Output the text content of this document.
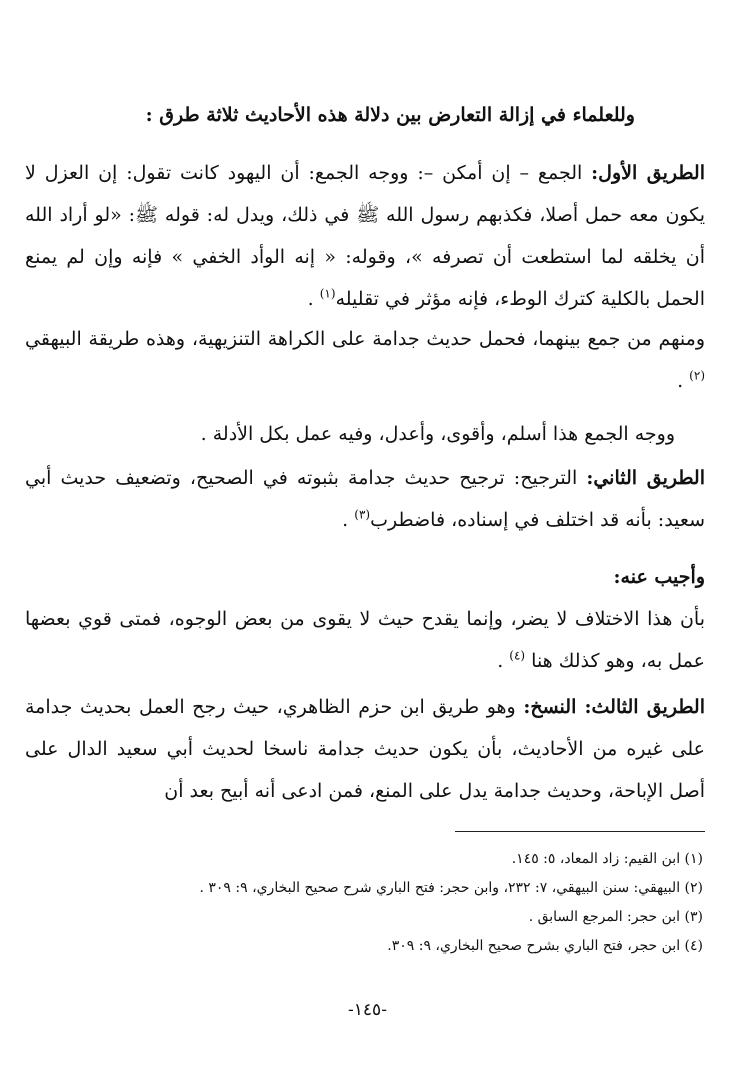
وللعلماء في إزالة التعارض بين دلالة هذه الأحاديث ثلاثة طرق :
الطريق الأول: الجمع – إن أمكن –: ووجه الجمع: أن اليهود كانت تقول: إن العزل لا يكون معه حمل أصلا، فكذبهم رسول الله ﷺ في ذلك، ويدل له: قوله ﷺ: «لو أراد الله أن يخلقه لما استطعت أن تصرفه »، وقوله: « إنه الوأد الخفي » فإنه وإن لم يمنع الحمل بالكلية كترك الوطء، فإنه مؤثر في تقليله$^{(١)}$ .
ومنهم من جمع بينهما، فحمل حديث جدامة على الكراهة التنزيهية، وهذه طريقة البيهقي $^{(٢)}$ .
ووجه الجمع هذا أسلم، وأقوى، وأعدل، وفيه عمل بكل الأدلة .
الطريق الثاني: الترجيح: ترجيح حديث جدامة بثبوته في الصحيح، وتضعيف حديث أبي سعيد: بأنه قد اختلف في إسناده، فاضطرب$^{(٣)}$ .
وأجيب عنه:
بأن هذا الاختلاف لا يضر، وإنما يقدح حيث لا يقوى من بعض الوجوه، فمتى قوي بعضها عمل به، وهو كذلك هنا $^{(٤)}$ .
الطريق الثالث: النسخ: وهو طريق ابن حزم الظاهري، حيث رجح العمل بحديث جدامة على غيره من الأحاديث، بأن يكون حديث جدامة ناسخا لحديث أبي سعيد الدال على أصل الإباحة، وحديث جدامة يدل على المنع، فمن ادعى أنه أبيح بعد أن
(١) ابن القيم: زاد المعاد، ٥: ١٤٥.
(٢) البيهقي: سنن البيهقي، ٧: ٢٣٢، وابن حجر: فتح الباري شرح صحيح البخاري، ٩: ٣٠٩ .
(٣) ابن حجر: المرجع السابق .
(٤) ابن حجر، فتح الباري بشرح صحيح البخاري، ٩: ٣٠٩.
-١٤٥-
